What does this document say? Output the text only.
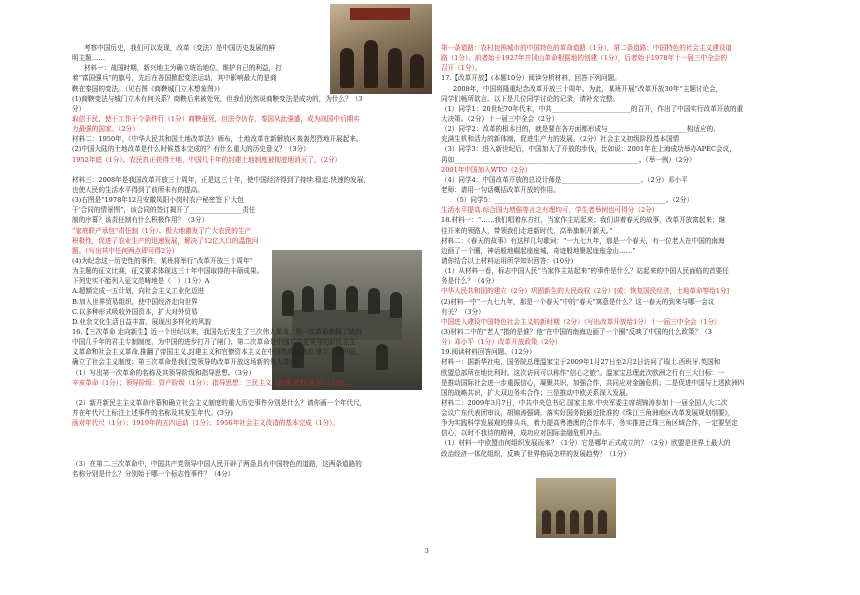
考察中国历史，我们可以发现，改革（变法）是中国历史发展的鲜
明主题……
材料一：战国时期，新兴地主为确立统治地位，维护自己的利益，打
着“富国强兵”的旗号，先后在各国掀起变法运动，其中影响最大的是商
鞅在秦国的变法。（见右图《商鞅城门立木想象图》）
(1)商鞅变法与城门立木有何关系？商鞅后来被处死，但我们仍然说商鞅变法是成功的，为什么？（3
分）
取信于民，使于工作于个条件行（1分）商鞅虽死，但法令仍存，秦国从此强盛，成为战国中后期实
力最强的国家。（2分）
材料二：1950年，《中华人民共和国土地改革法》颁布，土地改革在新解放区轰轰烈烈地开展起来。
(2)中国大陆的土地改革是什么时候基本完成的？有什么重大的历史意义？（3分）
1952年底（1分）。农民真正获得土地，中国几千年的封建土地制度被彻底地消灭了。（2分）
材料三：2008年是我国改革开放三十周年，正是这三十年，使中国经济得到了持续.稳定.快速的发展，
也使人民的生活水平得到了前所未有的提高。
(3)右图是“1978年12月安徽凤阳小岗村农户秘密签下‘大包
干’合同的情景图”，该合同的签订揭开了________________责任
制的序幕？该责任制有什么积极作用？（3分）
“家庭联产承包”责任制（1分）。极大地激发了广大农民的生产
积极性，促进了农业生产的迅速发展，解决了12亿人口的温饱问
题。（写出其中任何两点即可得2分）
(4)为纪念这一历史性的事件，某班将举行“改革开放三十周年”
为主题的征文比赛，征文要求体现这三十年中国取得的丰硕成果。
下列史实不能列入征文范畴地是（　）（1分）A
A.超额完成一五计划，向社会主义工业化迈进
B.加入世界贸易组织，使中国经济走向世界
C.以多种形式吸收外国资本，扩大对外贸易
D.业余文化生活日益丰富，展现出多样化的风貌
16.【三次革命 走向新生】近一个世纪以来，我国先后发生了三次伟大革命。第一次革命推翻了统治
中国几千年的君主专制制度，为中国的进步打开了闸门；第二次革命是中国共产党领导的新民主主
义革命和社会主义革命,推翻了帝国主义.封建主义和官僚资本主义在中国的黑暗统治,建立了新中国,
确立了社会主义制度；第三次革命是我们党领导的改革开放这场新的伟大革命。
（1）写出第一次革命的名称及其领导阶级和指导思想。（3分）
辛亥革命（1分）；领导阶级：资产阶级（1分）；指导思想：三民主义（民族.民权.民生）(1分)。
（2）新开新民主主义革命序幕和确立社会主义制度的重大历史事件分别是什么？请你画一个年代尺，
并在年代尺上标注上述事件的名称及其发生年代。(3分)
画对年代尺（1分）；1919年的五四运动（1分）；1956年社会主义改造的基本完成（1分）。
（3）在第二.三次革命中，中国共产党领导中国人民开辟了两条具有中国特色的道路，这两条道路的
名称分别是什么？分别始于哪一个标志性事件？（4分）
第一条道路：农村包围城市的中国特色的革命道路（1分），第二条道路：中国特色的社会主义建设道
路（1分）。前者始于1927年井冈山革命根据地的创建（1分），后者始于1978年十一届三中全会的
召开（1分）。
17.【改革开放】(本题10分）阅读分析材料，回答下列问题。
2008年，中国将隆重纪念改革开放三十周年。为此，某班开展“改革开放30年”主题讨论会，
同学们畅所欲言。以下是几位同学讨论的记录，请补充完整。
（1）同学1：20世纪70年代末，中共________________________的召开，作出了中国实行改革开放的重
大决策。（2分）十一届三中全会（2分）
（2）同学2：改革的根本目的，就是要在各方面都形成与________________________相适应的、
充满生机和活力的新体制，促进生产力的发展。（2分）社会主义初级阶段基本国情
（3）同学3：进入新世纪后，中国加大了开放的步伐，比如说：2001年在上海成功举办APEC会议，
再如________________________________________________________。（举一例）（2分）
2001年中国加入WTO（2分）
（4）同学4：中国改革开放的总设计师是________________________。（2分）邓小平
老师：请用一句话概括改革开放的作用。
（5）同学5：____________________________________________________。（2分）
生活水平提高.综合国力增强等言之有理均可，学生者举例也可得分（2分）
18.材料一：“……我们唱着东方红，当家作主站起来；我们讲着春天的故事，改革开放富起来；继
往开来的领路人，带领我们走进新时代，高举旗帜开新天。”
材料二：《春天的故事》有这样几句歌词：“一九七九年，那是一个春天，有一位老人在中国的南海
边画了一个圈，神话般地崛起座座城，奇迹般地聚起座座金山……”
请你结合以上材料运用所学知识回答：(10分)
（1）从材料一看，标志中国人民“当家作主站起来”的事件是什么？站起来的中国人民面临的首要任
务是什么？（4分）
中华人民共和国的建立（2分）巩固新生的人民政权（2分）[或：恢复国民经济，土地革命等给1分]
(2)材料一中“一九七九年，那是一个春天”中的“春天”寓意是什么？这一春天的到来与哪一会议
有关？（3分）
中国进入建设中国特色社会主义的新时期（2分）（写出改革开放给1分）十一届三中全会（1分）
(3)材料二中的“老人”指的是谁？他“在中国的南海边画了一个圈”反映了中国的什么政策？（3
分）邓小平（1分）改革开放政策（2分）
19.阅读材料回答问题。（12分）
材料一：据新华社电，国务院总理温家宝于2009年1月27日至2月2日访问了瑞士.西班牙.英国和
欧盟总部所在地比利时。这次访问可以称作“信心之旅”。温家宝总理此次欧洲之行有三大目标：一
是推动国际社会进一步重振信心，凝聚共识，加强合作，共同应对金融危机；二是促进中国与上述欧洲四
国的战略共识，扩大双边务实合作；三是推动中欧关系深入发展。
材料二：2009年3月7日，中共中央总书记.国家主席.中央军委主席胡锦涛参加十一届全国人大二次
会议广东代表团审议，胡锦涛强调，落实好国务院最近批准的《珠江三角洲地区改革发展规划纲要》，
争为实践科学发展观的排头兵，着力提高粤港澳的合作水平，务实推进泛珠三角区域合作，一定要坚定
信心，以时不我待的精神，成功应对国际金融危机冲击。
（1）材料一中欧盟由何组织发展而来？（1分）它是哪年正式成立的？（2分）欧盟是世界上最大的
政治经济一体化组织，反映了世界格局怎样的发展趋势？（1分）
3
